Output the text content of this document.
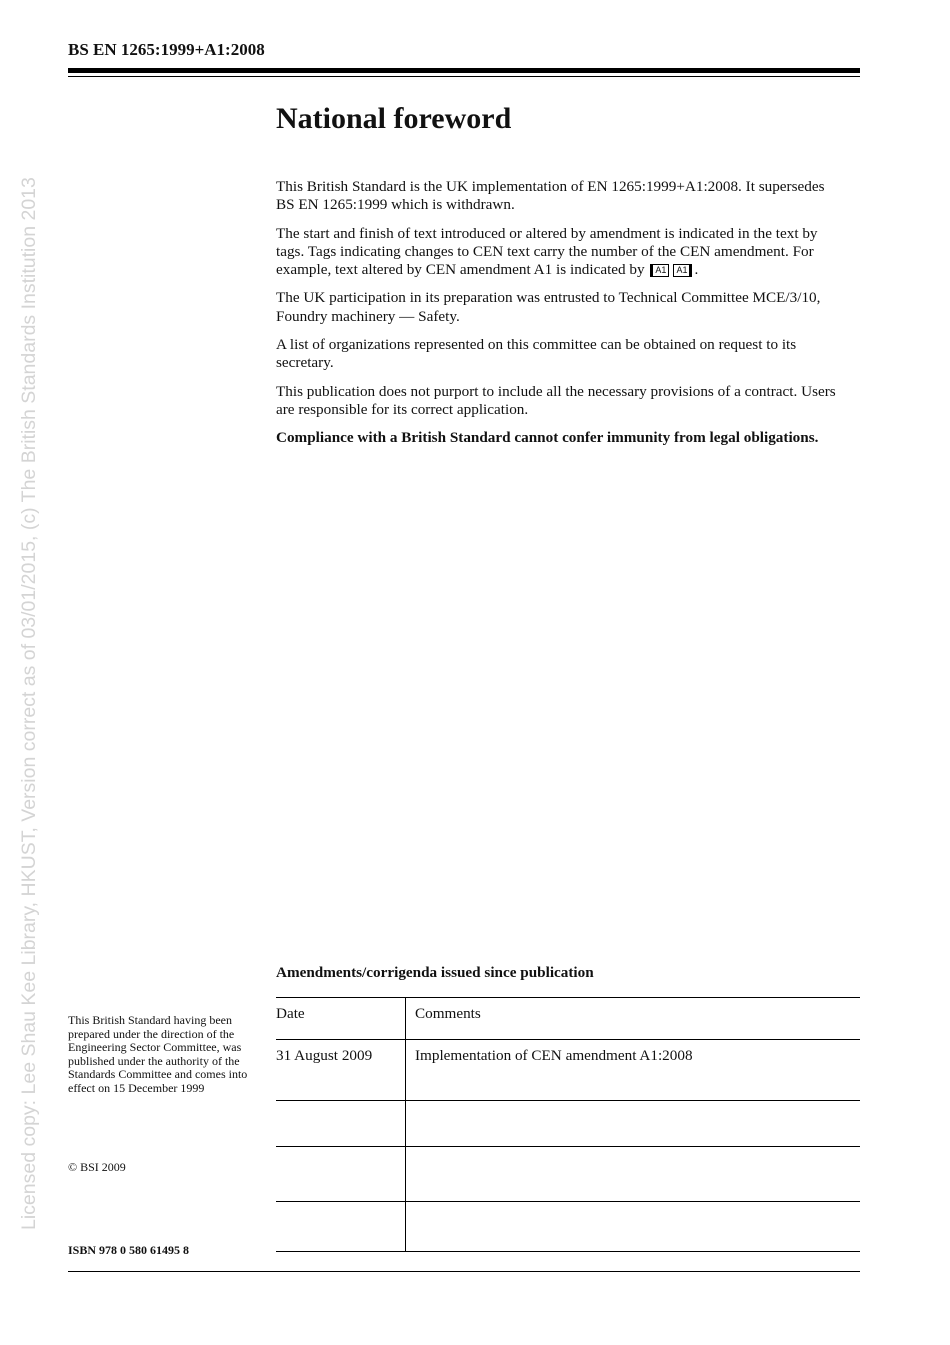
Licensed copy: Lee Shau Kee Library, HKUST, Version correct as of 03/01/2015, (c) The British Standards Institution 2013
BS EN 1265:1999+A1:2008
National foreword

This British Standard is the UK implementation of EN 1265:1999+A1:2008. It supersedes BS EN 1265:1999 which is withdrawn.

The start and finish of text introduced or altered by amendment is indicated in the text by tags. Tags indicating changes to CEN text carry the number of the CEN amendment. For example, text altered by CEN amendment A1 is indicated by A1 A1 .

The UK participation in its preparation was entrusted to Technical Committee MCE/3/10, Foundry machinery — Safety.

A list of organizations represented on this committee can be obtained on request to its secretary.

This publication does not purport to include all the necessary provisions of a contract. Users are responsible for its correct application.

Compliance with a British Standard cannot confer immunity from legal obligations.

Amendments/corrigenda issued since publication
Date	Comments
31 August 2009	Implementation of CEN amendment A1:2008

This British Standard having been prepared under the direction of the Engineering Sector Committee, was published under the authority of the Standards Committee and comes into effect on 15 December 1999
© BSI 2009
ISBN 978 0 580 61495 8
